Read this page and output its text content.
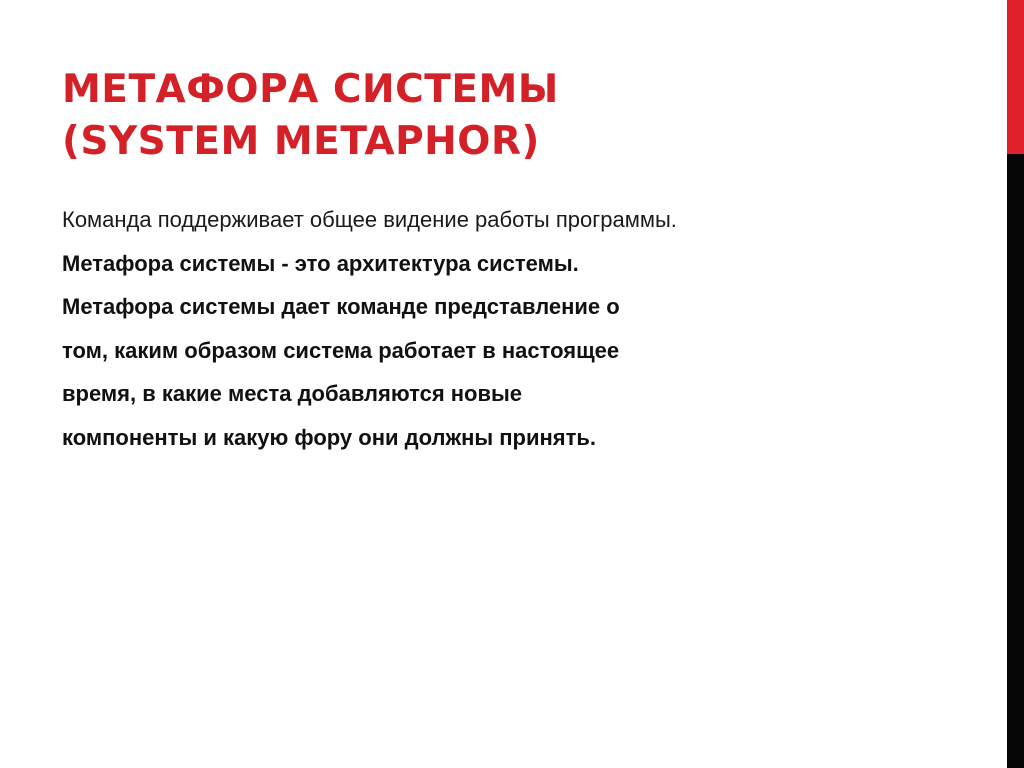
МЕТАФОРА СИСТЕМЫ
(SYSTEM METAPHOR)

Команда поддерживает общее видение работы программы.

Метафора системы - это архитектура системы.

Метафора системы дает команде представление о

том, каким образом система работает в настоящее

время, в какие места добавляются новые

компоненты и какую фору они должны принять.
